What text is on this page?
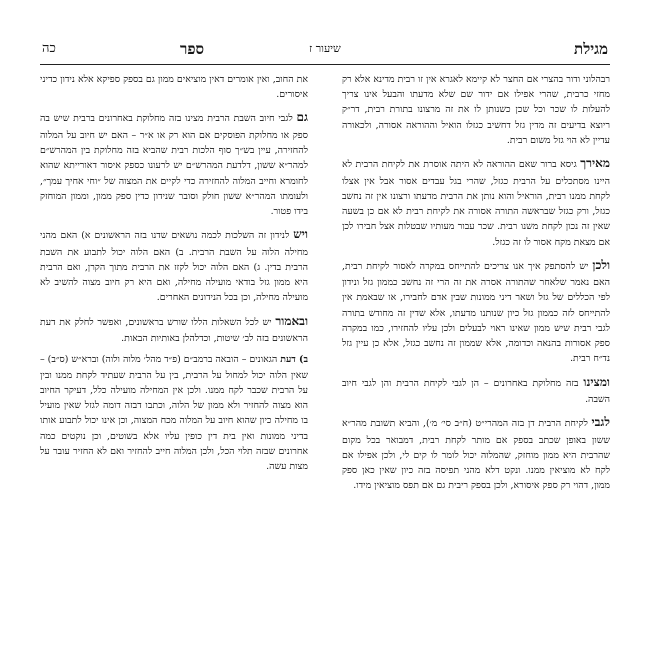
מגילת
שיעור ז
ספר
כה

רבהלוני ודור בהצרי אם החצר לא קיימא לאגרא אין זו רבית מדינא אלא רק מחזי כרבית, שהרי אפילו אם ידור שם שלא מדעתו והבעל אינו צריך להעלות לו שכר וכל שכן כשנותן לו את זה מרצונו בתורת רבית, דר״ק ריוצא בדיעים זה מדין גזל דחשיב כגזלו הואיל וההוראה אסורה, ולכאורה עדיין לא הוי גזל משום רבית.

מאירך גיסא ברור שאם ההוראה לא היתה אוסרת את לקיחת הרבית לא היינו מסתכלים על הרבית כגזל, שהרי בגל עבדים אסור אבל אין אצלו לקחת ממנו רבית, הוראיל והוא נותן את הרבית מדעתו ורצונו אין זה נחשב כגזל, ורק כגזל שבראשה התורה אסורה את לקיחת רבית לא אם כן בשעה שאין זה נכון לקחת משנו רבית. שכר עבור מעותיו שבטלות אצל חבירו לכן אם מצאת מקח אסור לו זה כגזל.

ולכן יש להסתפק איך אנו צריכים להתייחס במקרה לאסור לקיחת רבית, האם נאמר שלאחר שהתורה אסרה את זה הרי זה נחשב כממון גזל ונידון לפי הכללים של גזל ושאר דיני ממונות שבין אדם לחבירו, או שבאמת אין להתייחס לזה כממון גזל כיון שנותנו מדעתו, אלא שדין זה מחודש בתורה לגבי רבית שיש ממון שאינו ראוי לבעלים ולכן עליו להחזירו, כמו במקרה ספק אסורות בהנאה וכדומה, אלא שממון זה נחשב כגזל, אלא כן עיין גזל נד״ח רבית.

ומצינו בזה מחלוקת באחרונים – הן לגבי לקיחת הרבית והן לגבי חיוב השבה.

לגבי לקיחת הרבית דן בזה המהרי״ט (ח״ב סי׳ מ׳), והביא תשובת מהר״א ששון באופן שכתב בספק אם מותר לקחת רבית, דמבואר בכל מקום שהרבית היא ממון מוחזק, שהמלוה יכול לומר לו קים לי, ולכן אפילו אם לקח לא מוציאין ממנו. ונקט דלא מהני תפיסה בזה כיון שאין כאן ספק ממון, דהוי רק ספק איסורא, ולכן בספק ריבית גם אם תפס מוציאין מידו.

את החוב, ואין אומרים דאין מוציאים ממון גם בספק ספיקא אלא נידון כדיני איסורים.

גם לגבי חיוב השבת הרבית מצינו בזה מחלוקת באחרונים ברבית שיש בה ספק או מחלוקת הפוסקים אם הוא רק או א״ר – האם יש חיוב על המלוה להחזירה, עיין בש״ך סוף הלכות רבית שהביא בזה מחלוקת בין המהרש״ם למהר״א ששון, דלדעת המהרש״ם יש לרעונו כספק איסור דאורייתא שהוא לחומרא וחייב המלוה להחזירה כדי לקיים את המצוה של ״וחי אחיך עמך״, ולעומתו המהר״א ששון חולק וסובר שנידון כדין ספק ממון, וממון המוחזק בידו פטור.

ויש לנידון זה השלכות לכמה נושאים שדנו בזה הראשונים א) האם מהני מחילה הלוה על השבת הרבית. ב) האם הלוה יכול לתבוע את השבת הרבית בדין. ג) האם הלוה יכול לקזז את הרבית מתוך הקרן, ואם הרבית היא ממון גזל בודאי מועילה מחילה, ואם היא רק חיוב מצוה להשיב לא מועילה מחילה, וכן בכל הנידונים האחרים.

ובאמור יש לכל השאלות הללו שורש בראשונים, ואפשר לחלק את דעת הראשונים בזה לב׳ שיטות, וכדלהלן באותיות הבאות.

ב) דעת הגאונים – הובאה ברמב״ם (פ״ד מהל׳ מלוה ולוה) וברא״ש (ס״ב) – שאין הלוה יכול למחול על הרבית, בין על הרבית שעתיד לקחת ממנו ובין על הרבית שכבר לקח ממנו. ולכן אין המחילה מועילה כלל, דעיקר החיוב הוא מצוה להחזיר ולא ממון של הלוה, וכתבו דבזה דומה לגזל שאין מועיל בו מחילה כיון שהוא חיוב על המלוה מכח המצוה, וכן אינו יכול לתבוע אותו בדיני ממונות ואין בית דין כופין עליו אלא בשוטים, וכן נוקטים כמה אחרונים שבזה תלוי הכל, ולכן המלוה חייב להחזיר ואם לא החזיר עובר על מצות עשה.
